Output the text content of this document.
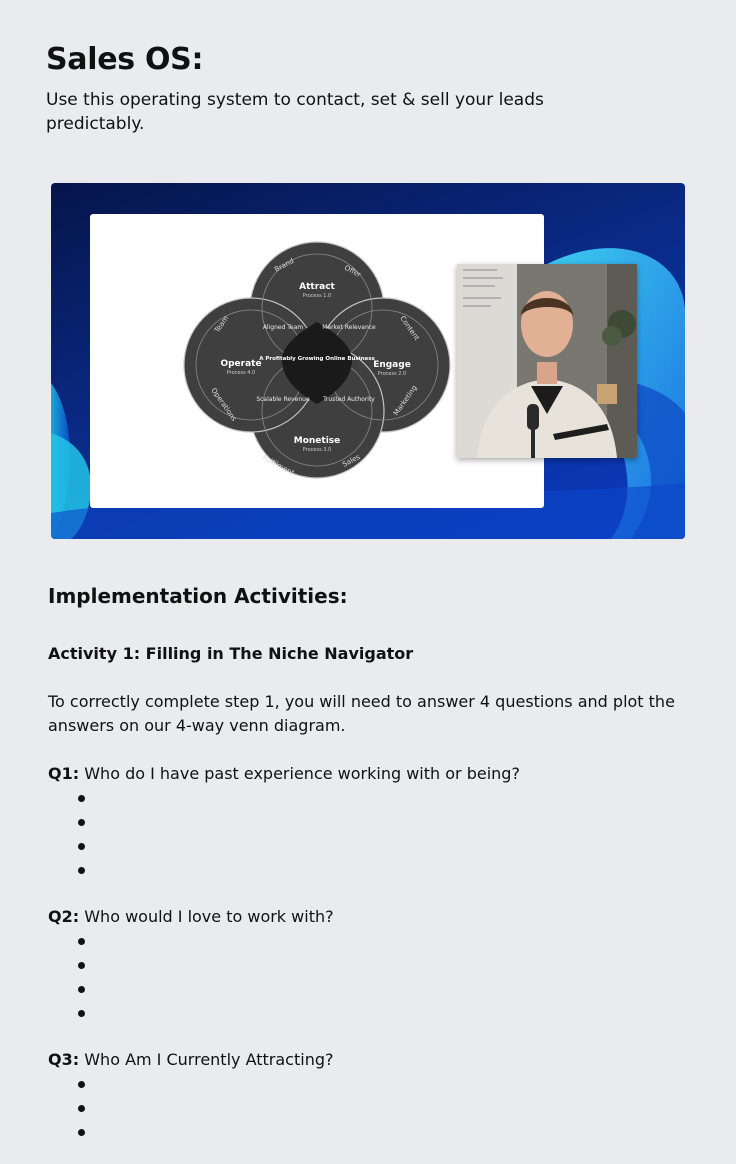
Sales OS:

Use this operating system to contact, set & sell your leads predictably.

Brand	Offer
Content
Marketing
Sales
Fulfilment
Operations
Team
Attract
Process 1.0
Engage
Process 2.0
Monetise
Process 3.0
Operate
Process 4.0
Aligned Team	Market Relevance
Trusted Authority
Scalable Revenue
A Profitably Growing Online Business
Implementation Activities:
Activity 1: Filling in The Niche Navigator

To correctly complete step 1, you will need to answer 4 questions and plot the answers on our 4-way venn diagram.

Q1: Who do I have past experience working with or being?

Q2: Who would I love to work with?

Q3: Who Am I Currently Attracting?
